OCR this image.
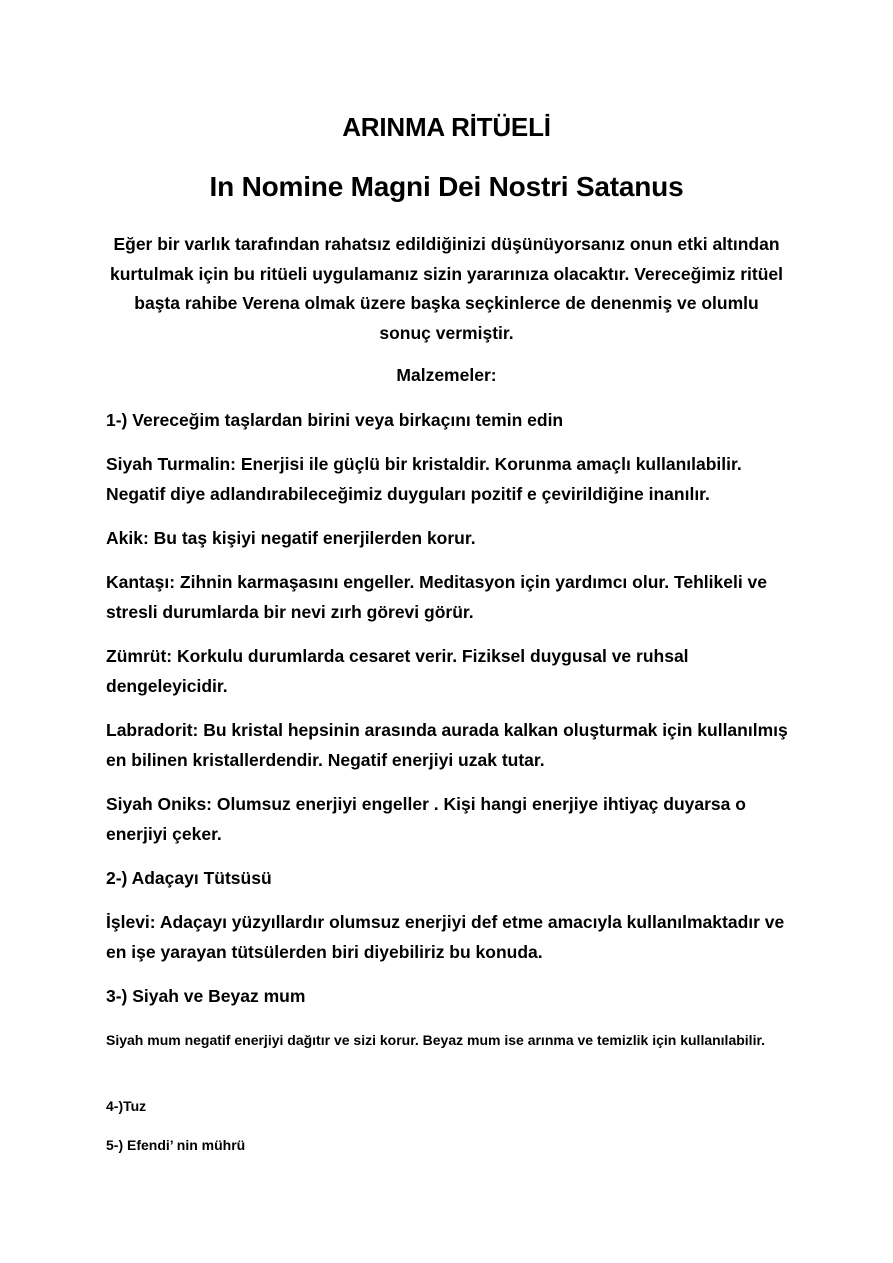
ARINMA RİTÜELİ
In Nomine Magni Dei Nostri Satanus
Eğer bir varlık tarafından rahatsız edildiğinizi düşünüyorsanız onun etki altından kurtulmak için bu ritüeli uygulamanız sizin yararınıza olacaktır. Vereceğimiz ritüel başta rahibe Verena olmak üzere başka seçkinlerce de denenmiş ve olumlu sonuç vermiştir.
Malzemeler:
1-) Vereceğim taşlardan birini veya birkaçını temin edin
Siyah Turmalin: Enerjisi ile güçlü bir kristaldir. Korunma amaçlı kullanılabilir. Negatif diye adlandırabileceğimiz duyguları pozitif e çevirildiğine inanılır.
Akik: Bu taş kişiyi negatif enerjilerden korur.
Kantaşı: Zihnin karmaşasını engeller. Meditasyon için yardımcı olur. Tehlikeli ve stresli durumlarda bir nevi zırh görevi görür.
Zümrüt: Korkulu durumlarda cesaret verir. Fiziksel duygusal ve ruhsal dengeleyicidir.
Labradorit: Bu kristal hepsinin arasında aurada kalkan oluşturmak için kullanılmış en bilinen kristallerdendir. Negatif enerjiyi uzak tutar.
Siyah Oniks: Olumsuz enerjiyi engeller . Kişi hangi enerjiye ihtiyaç duyarsa o enerjiyi çeker.
2-) Adaçayı Tütsüsü
İşlevi: Adaçayı yüzyıllardır olumsuz enerjiyi def etme amacıyla kullanılmaktadır ve en işe yarayan tütsülerden biri diyebiliriz bu konuda.
3-) Siyah ve Beyaz mum
Siyah mum negatif enerjiyi dağıtır ve sizi korur. Beyaz mum ise arınma ve temizlik için kullanılabilir.
4-)Tuz
5-) Efendi’ nin mührü
